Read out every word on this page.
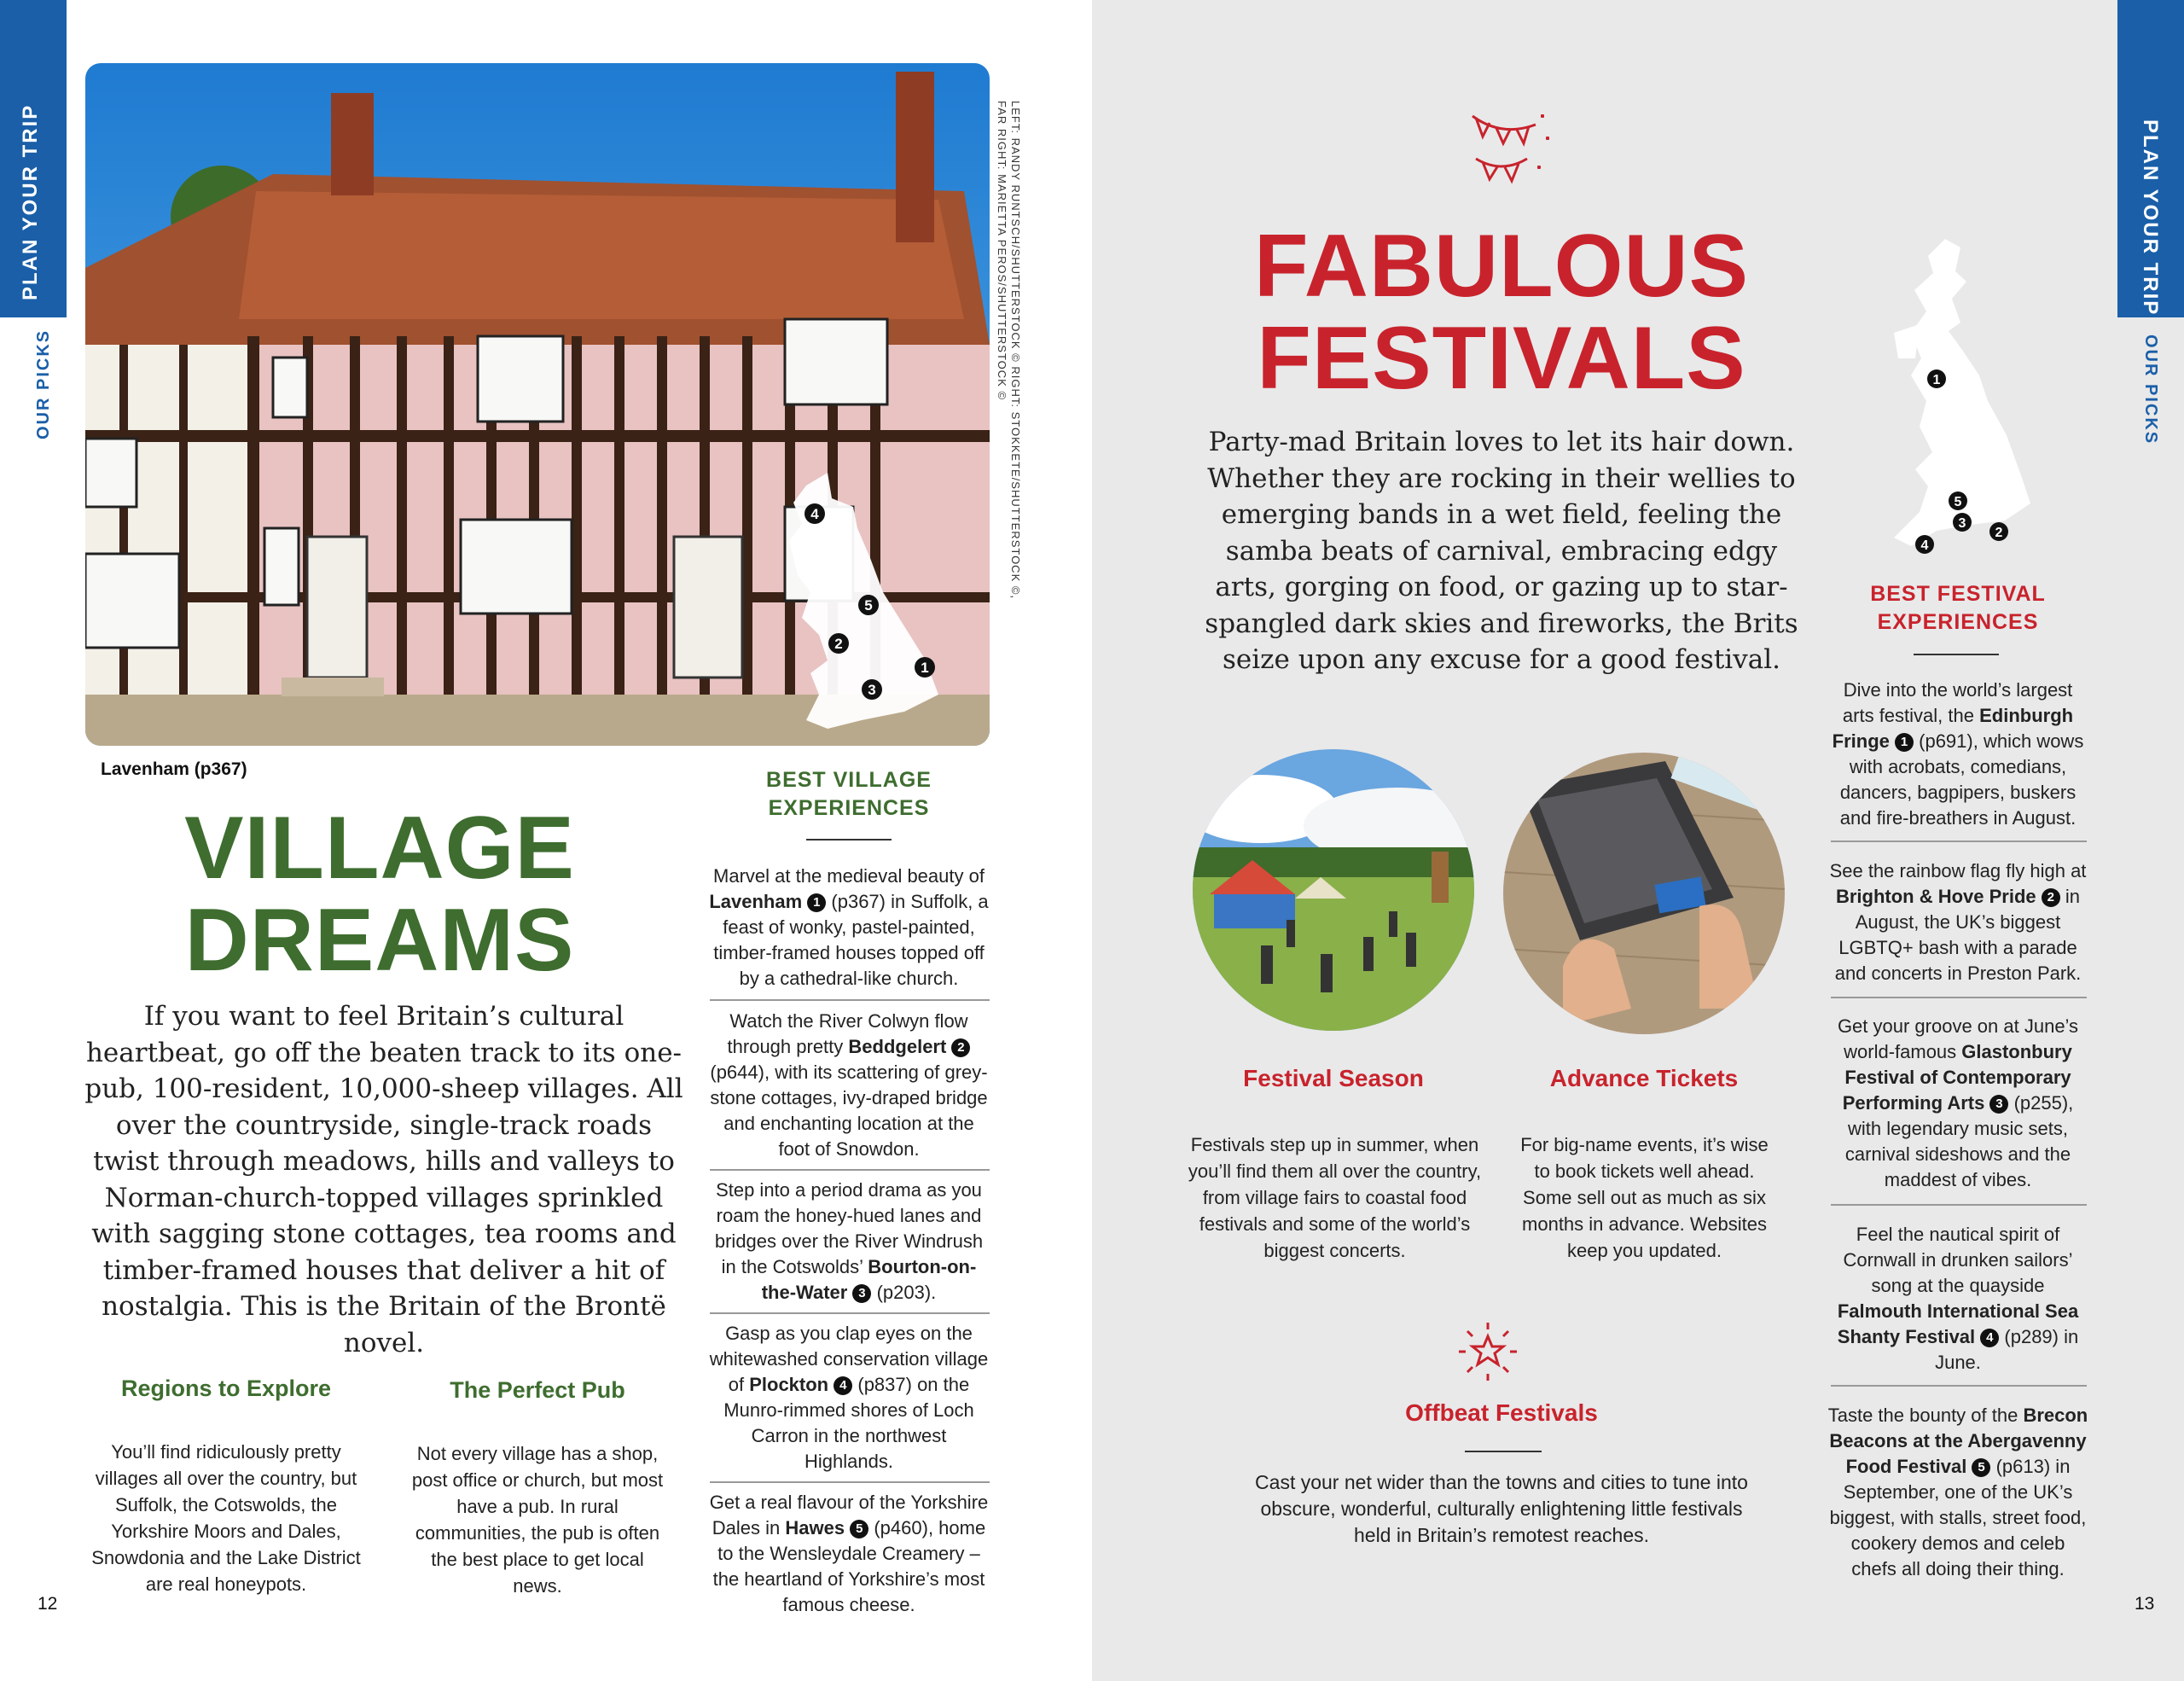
PLAN YOUR TRIP
OUR PICKS
4
5
2
1
3
LEFT: RANDY RUNTSCH/SHUTTERSTOCK © RIGHT: STOKKETE/SHUTTERSTOCK ©,
FAR RIGHT: MARIETTA PEROS/SHUTTERSTOCK ©
Lavenham (p367)
VILLAGE
DREAMS
If you want to feel Britain’s cultural heartbeat, go off the beaten track to its one-pub, 100-resident, 10,000-sheep villages. All over the countryside, single-track roads twist through meadows, hills and valleys to Norman-church-topped villages sprinkled with sagging stone cottages, tea rooms and timber-framed houses that deliver a hit of nostalgia. This is the Britain of the Brontë novel.
Regions to Explore
You’ll find ridiculously pretty villages all over the country, but Suffolk, the Cotswolds, the Yorkshire Moors and Dales, Snowdonia and the Lake District are real honeypots.
The Perfect Pub
Not every village has a shop, post office or church, but most have a pub. In rural communities, the pub is often the best place to get local news.
BEST VILLAGE
EXPERIENCES
Marvel at the medieval beauty of Lavenham 1 (p367) in Suffolk, a feast of wonky, pastel-painted, timber-framed houses topped off by a cathedral-like church.
Watch the River Colwyn flow through pretty Beddgelert 2 (p644), with its scattering of grey-stone cottages, ivy-draped bridge and enchanting location at the foot of Snowdon.
Step into a period drama as you roam the honey-hued lanes and bridges over the River Windrush in the Cotswolds’ Bourton-on-the-Water 3 (p203).
Gasp as you clap eyes on the whitewashed conservation village of Plockton 4 (p837) on the Munro-rimmed shores of Loch Carron in the northwest Highlands.
Get a real flavour of the Yorkshire Dales in Hawes 5 (p460), home to the Wensleydale Creamery – the heartland of Yorkshire’s most famous cheese.
12
PLAN YOUR TRIP
OUR PICKS
FABULOUS
FESTIVALS
Party-mad Britain loves to let its hair down. Whether they are rocking in their wellies to emerging bands in a wet field, feeling the samba beats of carnival, embracing edgy arts, gorging on food, or gazing up to star-spangled dark skies and fireworks, the Brits seize upon any excuse for a good festival.
Festival Season
Festivals step up in summer, when you’ll find them all over the country, from village fairs to coastal food festivals and some of the world’s biggest concerts.
Advance Tickets
For big-name events, it’s wise to book tickets well ahead. Some sell out as much as six months in advance. Websites keep you updated.
Offbeat Festivals
Cast your net wider than the towns and cities to tune into obscure, wonderful, culturally enlightening little festivals held in Britain’s remotest reaches.
1
5
3
2
4
BEST FESTIVAL
EXPERIENCES
Dive into the world’s largest arts festival, the Edinburgh Fringe 1 (p691), which wows with acrobats, comedians, dancers, bagpipers, buskers and fire-breathers in August.
See the rainbow flag fly high at Brighton & Hove Pride 2 in August, the UK’s biggest LGBTQ+ bash with a parade and concerts in Preston Park.
Get your groove on at June’s world-famous Glastonbury Festival of Contemporary Performing Arts 3 (p255), with legendary music sets, carnival sideshows and the maddest of vibes.
Feel the nautical spirit of Cornwall in drunken sailors’ song at the quayside Falmouth International Sea Shanty Festival 4 (p289) in June.
Taste the bounty of the Brecon Beacons at the Abergavenny Food Festival 5 (p613) in September, one of the UK’s biggest, with stalls, street food, cookery demos and celeb chefs all doing their thing.
13
